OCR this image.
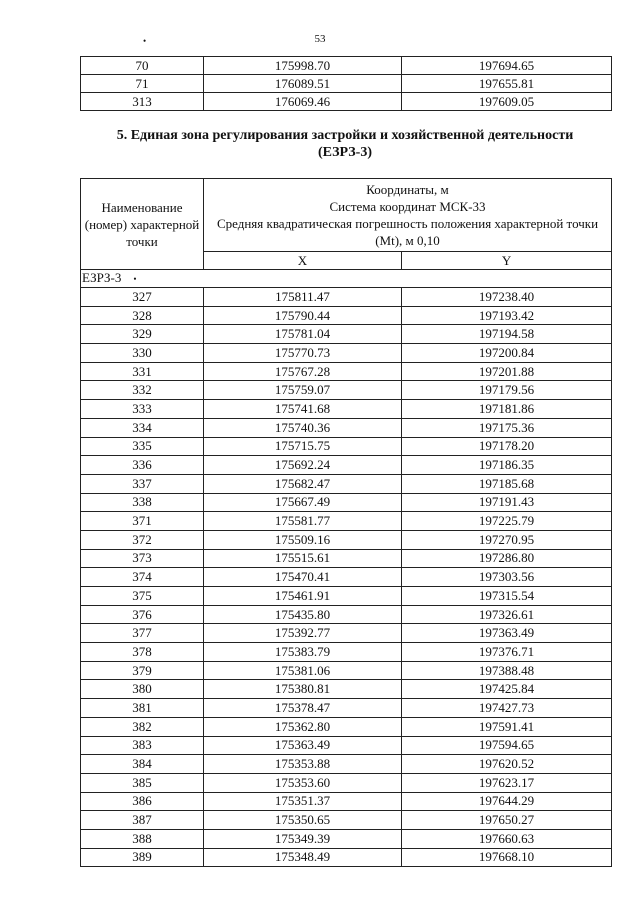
53
•
70	175998.70	197694.65
71	176089.51	197655.81
313	176069.46	197609.05
5. Единая зона регулирования застройки и хозяйственной деятельности
(ЕЗРЗ-3)
Наименование (номер) характерной точки	Координаты, м
Система координат МСК-33
Средняя квадратическая погрешность положения характерной точки (Mt), м 0,10	

	X	Y
ЕЗРЗ-3 •		
327	175811.47	197238.40
328	175790.44	197193.42
329	175781.04	197194.58
330	175770.73	197200.84
331	175767.28	197201.88
332	175759.07	197179.56
333	175741.68	197181.86
334	175740.36	197175.36
335	175715.75	197178.20
336	175692.24	197186.35
337	175682.47	197185.68
338	175667.49	197191.43
371	175581.77	197225.79
372	175509.16	197270.95
373	175515.61	197286.80
374	175470.41	197303.56
375	175461.91	197315.54
376	175435.80	197326.61
377	175392.77	197363.49
378	175383.79	197376.71
379	175381.06	197388.48
380	175380.81	197425.84
381	175378.47	197427.73
382	175362.80	197591.41
383	175363.49	197594.65
384	175353.88	197620.52
385	175353.60	197623.17
386	175351.37	197644.29
387	175350.65	197650.27
388	175349.39	197660.63
389	175348.49	197668.10
